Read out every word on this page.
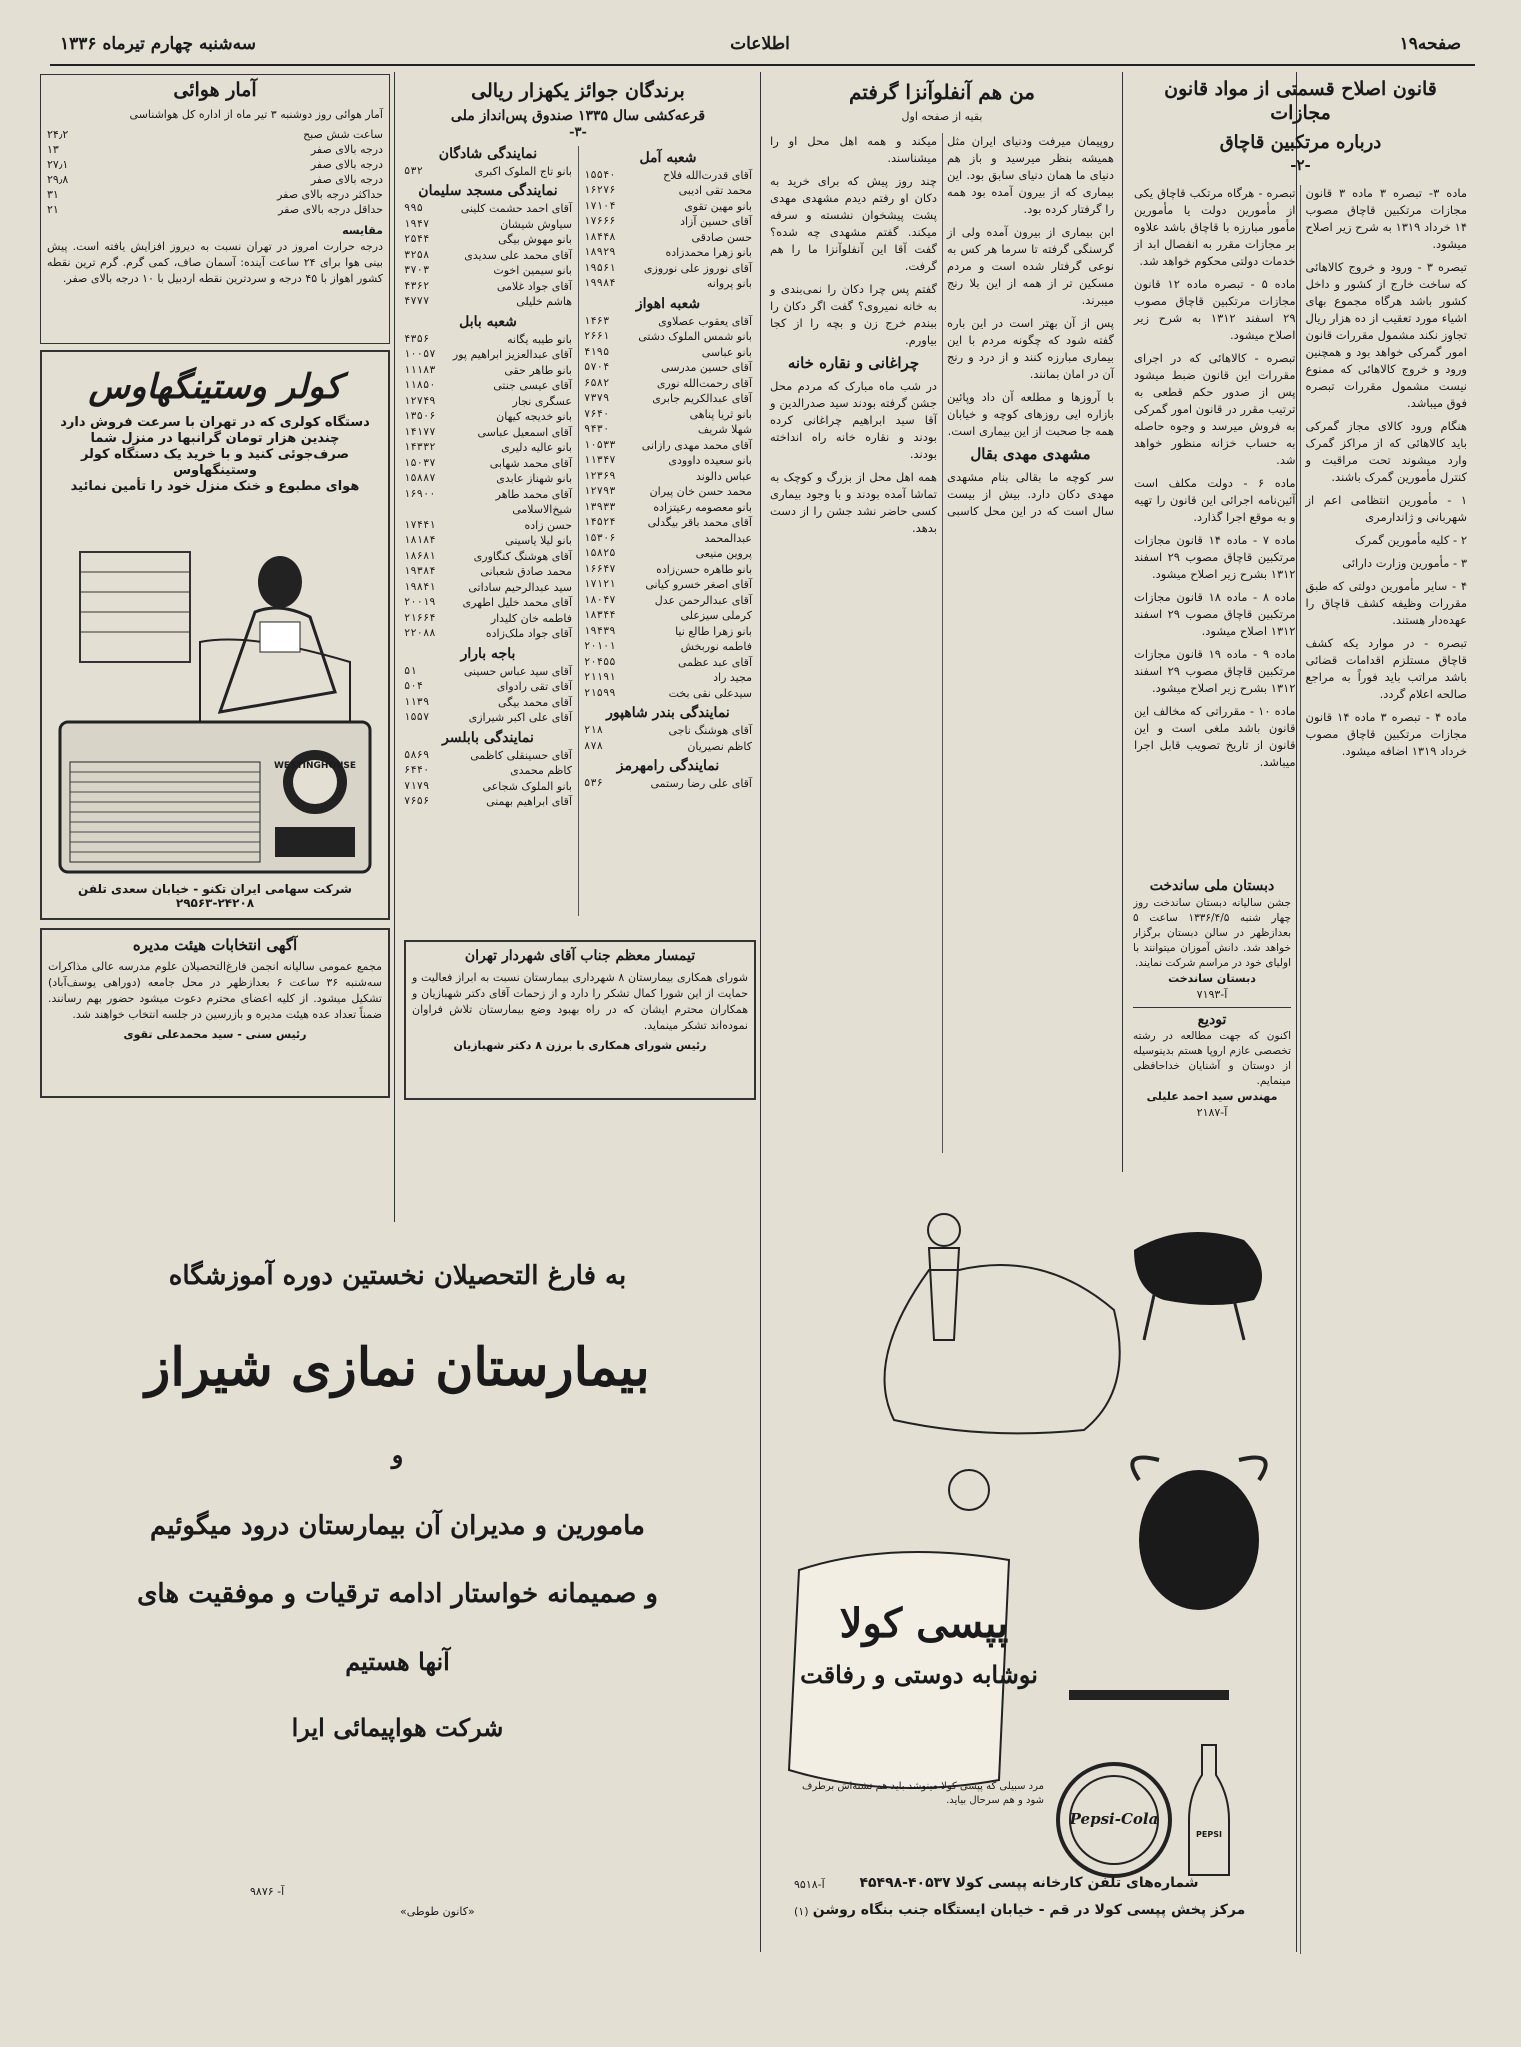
صفحه۱۹
اطلاعات
سه‌شنبه چهارم تیرماه ۱۳۳۶
قانون اصلاح قسمتی از مواد قانون مجازات
درباره مرتکبین قاچاق
-۲-

ماده ۳- تبصره ۳ ماده ۳ قانون مجازات مرتکبین قاچاق مصوب ۱۴ خرداد ۱۳۱۹ به شرح زیر اصلاح میشود.

تبصره ۳ - ورود و خروج کالاهائی که ساخت خارج از کشور و داخل کشور باشد هرگاه مجموع بهای اشیاء مورد تعقیب از ده هزار ریال تجاوز نکند مشمول مقررات قانون امور گمرکی خواهد بود و همچنین ورود و خروج کالاهائی که ممنوع نیست مشمول مقررات تبصره فوق میباشد.

هنگام ورود کالای مجاز گمرکی باید کالاهائی که از مراکز گمرک وارد میشوند تحت مراقبت و کنترل مأمورین گمرک باشند.

۱ - مأمورین انتظامی اعم از شهربانی و ژاندارمری

۲ - کلیه مأمورین گمرک

۳ - مأمورین وزارت دارائی

۴ - سایر مأمورین دولتی که طبق مقررات وظیفه کشف قاچاق را عهده‌دار هستند.

تبصره - در موارد یکه کشف قاچاق مستلزم اقدامات قضائی باشد مراتب باید فوراً به مراجع صالحه اعلام گردد.

ماده ۴ - تبصره ۳ ماده ۱۴ قانون مجازات مرتکبین قاچاق مصوب خرداد ۱۳۱۹ اضافه میشود.

تبصره - هرگاه مرتکب قاچاق یکی از مأمورین دولت یا مأمورین مأمور مبارزه با قاچاق باشد علاوه بر مجازات مقرر به انفصال ابد از خدمات دولتی محکوم خواهد شد.

ماده ۵ - تبصره ماده ۱۲ قانون مجازات مرتکبین قاچاق مصوب ۲۹ اسفند ۱۳۱۲ به شرح زیر اصلاح میشود.

تبصره - کالاهائی که در اجرای مقررات این قانون ضبط میشود پس از صدور حکم قطعی به ترتیب مقرر در قانون امور گمرکی به فروش میرسد و وجوه حاصله به حساب خزانه منظور خواهد شد.

ماده ۶ - دولت مکلف است آئین‌نامه اجرائی این قانون را تهیه و به موقع اجرا گذارد.

ماده ۷ - ماده ۱۴ قانون مجازات مرتکبین قاچاق مصوب ۲۹ اسفند ۱۳۱۲ بشرح زیر اصلاح میشود.

ماده ۸ - ماده ۱۸ قانون مجازات مرتکبین قاچاق مصوب ۲۹ اسفند ۱۳۱۲ اصلاح میشود.

ماده ۹ - ماده ۱۹ قانون مجازات مرتکبین قاچاق مصوب ۲۹ اسفند ۱۳۱۲ بشرح زیر اصلاح میشود.

ماده ۱۰ - مقرراتی که مخالف این قانون باشد ملغی است و این قانون از تاریخ تصویب قابل اجرا میباشد.

من هم آنفلوآنزا گرفتم
بقیه از صفحه اول

روپیمان میرفت ودنیای ایران مثل همیشه بنظر میرسید و باز هم دنیای ما همان دنیای سابق بود. این بیماری که از بیرون آمده بود همه را گرفتار کرده بود.

ابن بیماری از بیرون آمده ولی از گرسنگی گرفته تا سرما هر کس به نوعی گرفتار شده است و مردم مسکین تر از همه از این بلا رنج میبرند.

پس از آن بهتر است در این باره گفته شود که چگونه مردم با این بیماری مبارزه کنند و از درد و رنج آن در امان بمانند.

با آروزها و مطلعه آن داد وپائین بازاره ایی روزهای کوچه و خیابان همه جا صحبت از این بیماری است.

مشهدی مهدی بقال

سر کوچه ما بقالی بنام مشهدی مهدی دکان دارد. بیش از بیست سال است که در این محل کاسبی میکند و همه اهل محل او را میشناسند.

چند روز پیش که برای خرید به دکان او رفتم دیدم مشهدی مهدی پشت پیشخوان نشسته و سرفه میکند. گفتم مشهدی چه شده؟ گفت آقا این آنفلوآنزا ما را هم گرفت.

گفتم پس چرا دکان را نمی‌بندی و به خانه نمیروی؟ گفت اگر دکان را ببندم خرج زن و بچه را از کجا بیاورم.

چراغانی و نقاره خانه

در شب ماه مبارک که مردم محل جشن گرفته بودند سید صدرالدین و آقا سید ابراهیم چراغانی کرده بودند و نقاره خانه راه انداخته بودند.

همه اهل محل از بزرگ و کوچک به تماشا آمده بودند و با وجود بیماری کسی حاضر نشد جشن را از دست بدهد.

برندگان جوائز یکهزار ریالی
قرعه‌کشی سال ۱۳۳۵ صندوق پس‌انداز ملی
-۳-
شعبه آمل
آقای قدرت‌الله‌ فلاح
۱۵۵۴۰
محمد تقی ادیبی
۱۶۲۷۶
بانو مهین تقوی
۱۷۱۰۴
آقای حسین آزاد
۱۷۶۶۶
حسن صادقی
۱۸۴۴۸
بانو زهرا محمدزاده
۱۸۹۲۹
آقای نوروز علی نوروزی
۱۹۵۶۱
بانو پروانه
۱۹۹۸۴
شعبه اهواز
آقای یعقوب عصلاوی
۱۴۶۳
بانو شمس الملوک دشتی
۲۶۶۱
بانو عباسی
۴۱۹۵
آقای حسین مدرسی
۵۷۰۴
آقای رحمت‌الله نوری
۶۵۸۲
آقای عبدالکریم جابری
۷۳۷۹
بانو ثریا پناهی
۷۶۴۰
شهلا شریف
۹۴۳۰
آقای محمد مهدی رازانی
۱۰۵۳۳
بانو سعیده داوودی
۱۱۳۴۷
عباس دالوند
۱۲۳۶۹
محمد حسن خان پیران
۱۲۷۹۳
بانو معصومه رعیتزاده
۱۳۹۳۳
آقای محمد باقر بیگدلی
۱۴۵۲۴
عبدالمحمد
۱۵۳۰۶
پروین منیعی
۱۵۸۲۵
بانو طاهره حسن‌زاده
۱۶۶۴۷
آقای اصغر خسرو کیانی
۱۷۱۲۱
آقای عبدالرحمن عدل
۱۸۰۴۷
کرملی سیزعلی
۱۸۳۴۴
بانو زهرا طالع نیا
۱۹۴۳۹
فاطمه نوربخش
۲۰۱۰۱
آقای عبد عظمی
۲۰۴۵۵
مجید راد
۲۱۱۹۱
سیدعلی نقی بخت
۲۱۵۹۹
نمایندگی بندر شاهپور
آقای هوشنگ ناجی
۲۱۸
کاظم نصیریان
۸۷۸
نمایندگی رامهرمز
آقای علی رضا رستمی
۵۳۶
نمایندگی شادگان
بانو تاج الملوک اکبری
۵۳۲
نمایندگی مسجد سلیمان
آقای احمد حشمت کلینی
۹۹۵
سیاوش شیشان
۱۹۴۷
بانو مهوش بیگی
۲۵۴۴
آقای محمد علی سدیدی
۳۲۵۸
بانو سیمین اخوت
۳۷۰۳
آقای جواد غلامی
۴۳۶۲
هاشم خلیلی
۴۷۷۷
شعبه بابل
بانو طیبه یگانه
۴۳۵۶
آقای عبدالعزیز ابراهیم پور
۱۰۰۵۷
بانو طاهر حقی
۱۱۱۸۳
آقای عیسی جنتی
۱۱۸۵۰
عسگری نجار
۱۲۷۴۹
بانو خدیجه کیهان
۱۳۵۰۶
آقای اسمعیل عباسی
۱۴۱۷۷
بانو عالیه دلیری
۱۴۳۳۲
آقای محمد شهابی
۱۵۰۳۷
بانو شهناز عابدی
۱۵۸۸۷
آقای محمد طاهر شیخ‌الاسلامی
۱۶۹۰۰
حسن زاده
۱۷۴۴۱
بانو لیلا یاسینی
۱۸۱۸۴
آقای هوشنگ کنگاوری
۱۸۶۸۱
محمد صادق شعبانی
۱۹۳۸۴
سید عبدالرحیم ساداتی
۱۹۸۴۱
آقای محمد خلیل اطهری
۲۰۰۱۹
فاطمه خان کلیدار
۲۱۶۶۴
آقای جواد ملک‌زاده
۲۲۰۸۸
باجه بارار
آقای سید عباس حسینی
۵۱
آقای تقی رادوای
۵۰۴
آقای محمد بیگی
۱۱۳۹
آقای علی اکبر شیرازی
۱۵۵۷
نمایندگی بابلسر
آقای حسینقلی کاظمی
۵۸۶۹
کاظم محمدی
۶۴۴۰
بانو الملوک شجاعی
۷۱۷۹
آقای ابراهیم بهمنی
۷۶۵۶
تیمسار معظم جناب آقای شهردار تهران
شورای همکاری بیمارستان ۸ شهرداری بیمارستان نسبت به ابراز فعالیت و حمایت از این شورا کمال تشکر را دارد و از زحمات آقای دکتر شهبازیان و همکاران محترم ایشان که در راه بهبود وضع بیمارستان تلاش فراوان نموده‌اند تشکر مینماید.
رئیس شورای همکاری با برزن ۸ دکتر شهبازیان
آمار هوائی
آمار هوائی روز دوشنبه ۳ تیر ماه از اداره کل هواشناسی
ساعت شش صبح
۲۴٫۲
درجه بالای صفر
۱۳
درجه بالای صفر
۲۷٫۱
درجه بالای صفر
۲۹٫۸
حداکثر درجه بالای صفر
۳۱
حداقل درجه بالای صفر
۲۱
مقایسه
درجه حرارت امروز در تهران نسبت به دیروز افزایش یافته است. پیش بینی هوا برای ۲۴ ساعت آینده: آسمان صاف، کمی گرم. گرم ترین نقطه کشور اهواز با ۴۵ درجه و سردترین نقطه اردبیل با ۱۰ درجه بالای صفر.
کولر وستینگهاوس
دستگاه کولری که در تهران با سرعت فروش دارد
چندین هزار تومان گرانبها در منزل شما
صرف‌جوئی کنید و با خرید یک دستگاه کولر وستینگهاوس
هوای مطبوع و خنک منزل خود را تأمین نمائید
WESTINGHOUSE
شرکت سهامی ایران تکنو - خیابان سعدی تلفن ۲۴۲۰۸-۲۹۵۶۳
آگهی انتخابات هیئت مدیره
مجمع عمومی سالیانه انجمن فارغ‌التحصیلان علوم مدرسه عالی مذاکرات سه‌شنبه ۳۶ ساعت ۶ بعدازظهر در محل جامعه (دوراهی یوسف‌آباد) تشکیل میشود. از کلیه اعضای محترم دعوت میشود حضور بهم رسانند. ضمناً تعداد عده هیئت مدیره و بازرسین در جلسه انتخاب خواهند شد.
رئیس سنی - سید محمدعلی تقوی
به فارغ التحصیلان نخستین دوره آموزشگاه
بیمارستان نمازی شیراز
و
مامورین و مدیران آن بیمارستان درود میگوئیم
و صمیمانه خواستار ادامه ترقیات و موفقیت های
آنها هستیم
شرکت هواپیمائی ایرا
آ- ۹۸۷۶
«کانون طوطی»
پپسی کولا
نوشابه دوستی و رفاقت
Pepsi-Cola
PEPSI
مرد سبیلی که پپسی کولا مینوشد باید هم تشنه‌اش برطرف شود و هم سرحال بیاید.
شماره‌های تلفن کارخانه پپسی کولا ۴۰۵۳۷-۴۵۴۹۸
آ-۹۵۱۸
مرکز پخش پپسی کولا در قم - خیابان ایستگاه جنب بنگاه روشن
(۱)
دبستان ملی ساندخت
جشن سالیانه دبستان ساندخت روز چهار شنبه ۱۳۳۶/۴/۵ ساعت ۵ بعدازظهر در سالن دبستان برگزار خواهد شد. دانش آموزان میتوانند با اولیای خود در مراسم شرکت نمایند.
دبستان ساندخت
آ-۷۱۹۳
تودیع
اکنون که جهت مطالعه در رشته تخصصی عازم اروپا هستم بدینوسیله از دوستان و آشنایان خداحافظی مینمایم.
مهندس سید احمد علیلی
آ-۲۱۸۷
